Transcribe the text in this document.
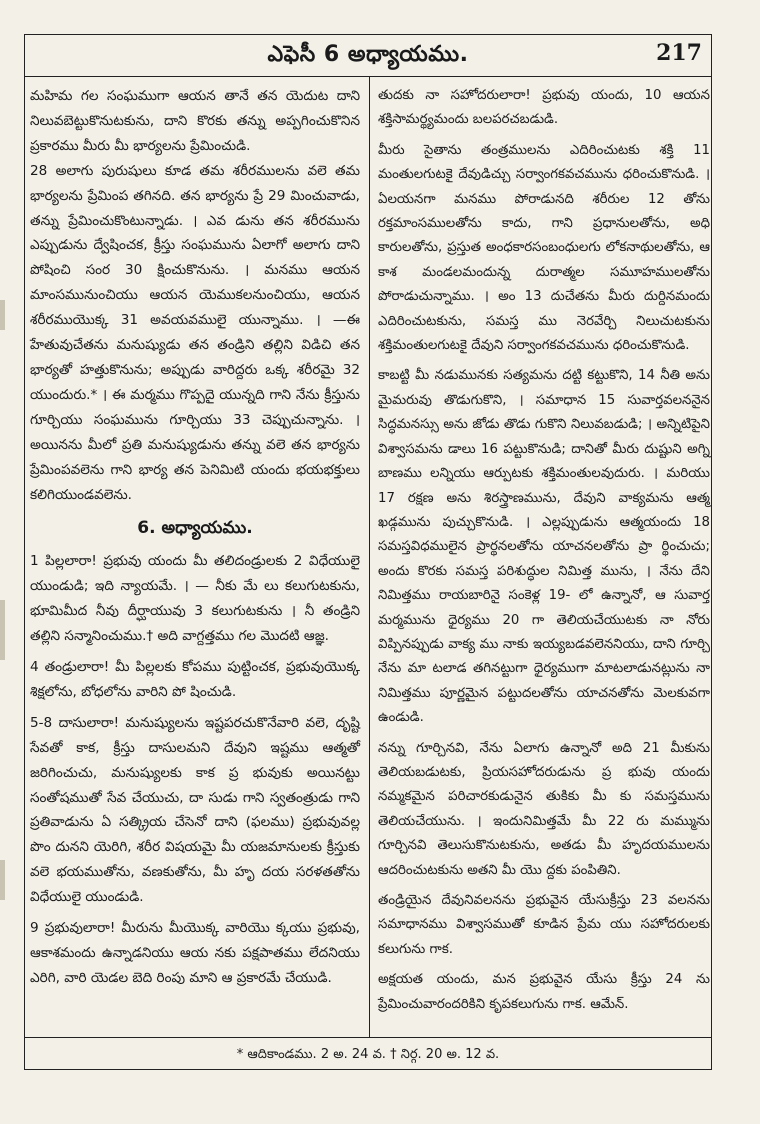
ఎఫెసీ 6 అధ్యాయము.	217

మహిమ గల సంఘముగా ఆయన తానే తన యెదుట దాని నిలువబెట్టుకొనుటకును, దాని కొరకు తన్ను అప్పగించుకొనిన ప్రకారము మీరు మీ భార్యలను ప్రేమించుడి.

28 అలాగు పురుషులు కూడ తమ శరీరములను వలె తమ భార్యలను ప్రేమింప తగినది. తన భార్యను ప్రే 29 మించువాడు, తన్ను ప్రేమించుకొంటున్నాడు. । ఎవ డును తన శరీరమును ఎప్పుడును ద్వేషించక, క్రీస్తు సంఘమును ఏలాగో అలాగు దాని పోషించి సంర 30 క్షించుకొనును. । మనము ఆయన మాంసమునుంచియు ఆయన యెముకలనుంచియు, ఆయన శరీరముయొక్క 31 అవయవములై యున్నాము. । —ఈ హేతువుచేతను మనుష్యుడు తన తండ్రిని తల్లిని విడిచి తన భార్యతో హత్తుకొనును; అప్పుడు వారిద్దరు ఒక్క శరీరమై 32 యుందురు.* । ఈ మర్మము గొప్పదై యున్నది గాని నేను క్రీస్తును గూర్చియు సంఘమును గూర్చియు 33 చెప్పుచున్నాను. । అయినను మీలో ప్రతి మనుష్యుడును తన్ను వలె తన భార్యను ప్రేమింపవలెను గాని భార్య తన పెనిమిటి యందు భయభక్తులు కలిగియుండవలెను.

6. అధ్యాయము.

1 పిల్లలారా! ప్రభువు యందు మీ తలిదండ్రులకు 2 విధేయులై యుండుడి; ఇది న్యాయమే. । — నీకు మే లు కలుగుటకును, భూమిమీద నీవు దీర్ఘాయువు 3 కలుగుటకును । నీ తండ్రిని తల్లిని సన్మానించుము.† అది వాగ్దత్తము గల మొదటి ఆజ్ఞ.

4 తండ్రులారా! మీ పిల్లలకు కోపము పుట్టించక, ప్రభువుయొక్క శిక్షలోను, బోధలోను వారిని పో షించుడి.

5-8 దాసులారా! మనుష్యులను ఇష్టపరచుకొనేవారి వలె, దృష్టి సేవతో కాక, క్రీస్తు దాసులమని దేవుని ఇష్టము ఆత్మతో జరిగించుచు, మనుష్యులకు కాక ప్ర భువుకు అయినట్టు సంతోషముతో సేవ చేయుచు, దా సుడు గాని స్వతంత్రుడు గాని ప్రతివాడును ఏ సత్క్రియ చేసెనో దాని (ఫలము) ప్రభువువల్ల పొం దునని యెరిగి, శరీర విషయమై మీ యజమానులకు క్రీస్తుకు వలె భయముతోను, వణకుతోను, మీ హృ దయ సరళతతోను విధేయులై యుండుడి.

9 ప్రభువులారా! మీరును మీయొక్క వారియొ క్కయు ప్రభువు, ఆకాశమందు ఉన్నాడనియు ఆయ నకు పక్షపాతము లేదనియు ఎరిగి, వారి యెడల బెది రింపు మాని ఆ ప్రకారమే చేయుడి.

తుదకు నా సహోదరులారా! ప్రభువు యందు, 10 ఆయన శక్తిసామర్థ్యమందు బలపరచబడుడి.

మీరు సైతాను తంత్రములను ఎదిరించుటకు శక్తి 11 మంతులగుటకై దేవుడిచ్చు సర్వాంగకవచమును ధరించుకొనుడి. । ఏలయనగా మనము పోరాడునది శరీరుల 12 తోను రక్తమాంసములతోను కాదు, గాని ప్రధానులతోను, అధి కారులతోను, ప్రస్తుత అంధకారసంబంధులగు లోకనాథులతోను, ఆ కాశ మండలమందున్న దురాత్మల సమూహములతోను పోరాడుచున్నాము. । అం 13 దుచేతను మీరు దుర్దినమందు ఎదిరించుటకును, సమస్త ము నెరవేర్చి నిలుచుటకును శక్తిమంతులగుటకై దేవుని సర్వాంగకవచమును ధరించుకొనుడి.

కాబట్టి మీ నడుమునకు సత్యమను దట్టి కట్టుకొని, 14 నీతి అను మైమరువు తొడుగుకొని, । సమాధాన 15 సువార్తవలననైన సిద్ధమనస్సు అను జోడు తొడు గుకొని నిలువబడుడి; । అన్నిటిపైని విశ్వాసమను డాలు 16 పట్టుకొనుడి; దానితో మీరు దుష్టుని అగ్ని బాణము లన్నియు ఆర్పుటకు శక్తిమంతులవుదురు. । మరియు 17 రక్షణ అను శిరస్త్రాణమును, దేవుని వాక్యమను ఆత్మ ఖడ్గమును పుచ్చుకొనుడి. । ఎల్లప్పుడును ఆత్మయందు 18 సమస్తవిధములైన ప్రార్థనలతోను యాచనలతోను ప్రా ర్థించుచు; అందు కొరకు సమస్త పరిశుద్ధుల నిమిత్త మును, । నేను దేని నిమిత్తము రాయబారినై సంకెళ్ల 19- లో ఉన్నానో, ఆ సువార్త మర్మమును ధైర్యము 20 గా తెలియచేయుటకు నా నోరు విప్పినప్పుడు వాక్య ము నాకు ఇయ్యబడవలెననియు, దాని గూర్చి నేను మా టలాడ తగినట్టుగా ధైర్యముగా మాటలాడునట్లును నా నిమిత్తము పూర్ణమైన పట్టుదలతోను యాచనతోను మెలకువగా ఉండుడి.

నన్ను గూర్చినవి, నేను ఏలాగు ఉన్నానో అది 21 మీకును తెలియబడుటకు, ప్రియసహోదరుడును ప్ర భువు యందు నమ్మకమైన పరిచారకుడునైన తుకికు మీ కు సమస్తమును తెలియచేయును. । ఇందునిమిత్తమే మీ 22 రు మమ్మును గూర్చినవి తెలుసుకొనుటకును, అతడు మీ హృదయములను ఆదరించుటకును అతని మీ యొ ద్దకు పంపితిని.

తండ్రియైన దేవునివలనను ప్రభువైన యేసుక్రీస్తు 23 వలనను సమాధానము విశ్వాసముతో కూడిన ప్రేమ యు సహోదరులకు కలుగును గాక.

అక్షయత యందు, మన ప్రభువైన యేసు క్రీస్తు 24 ను ప్రేమించువారందరికిని కృపకలుగును గాక. ఆమేన్.

* ఆదికాండము. 2 అ. 24 వ. † నిర్గ. 20 అ. 12 వ.
